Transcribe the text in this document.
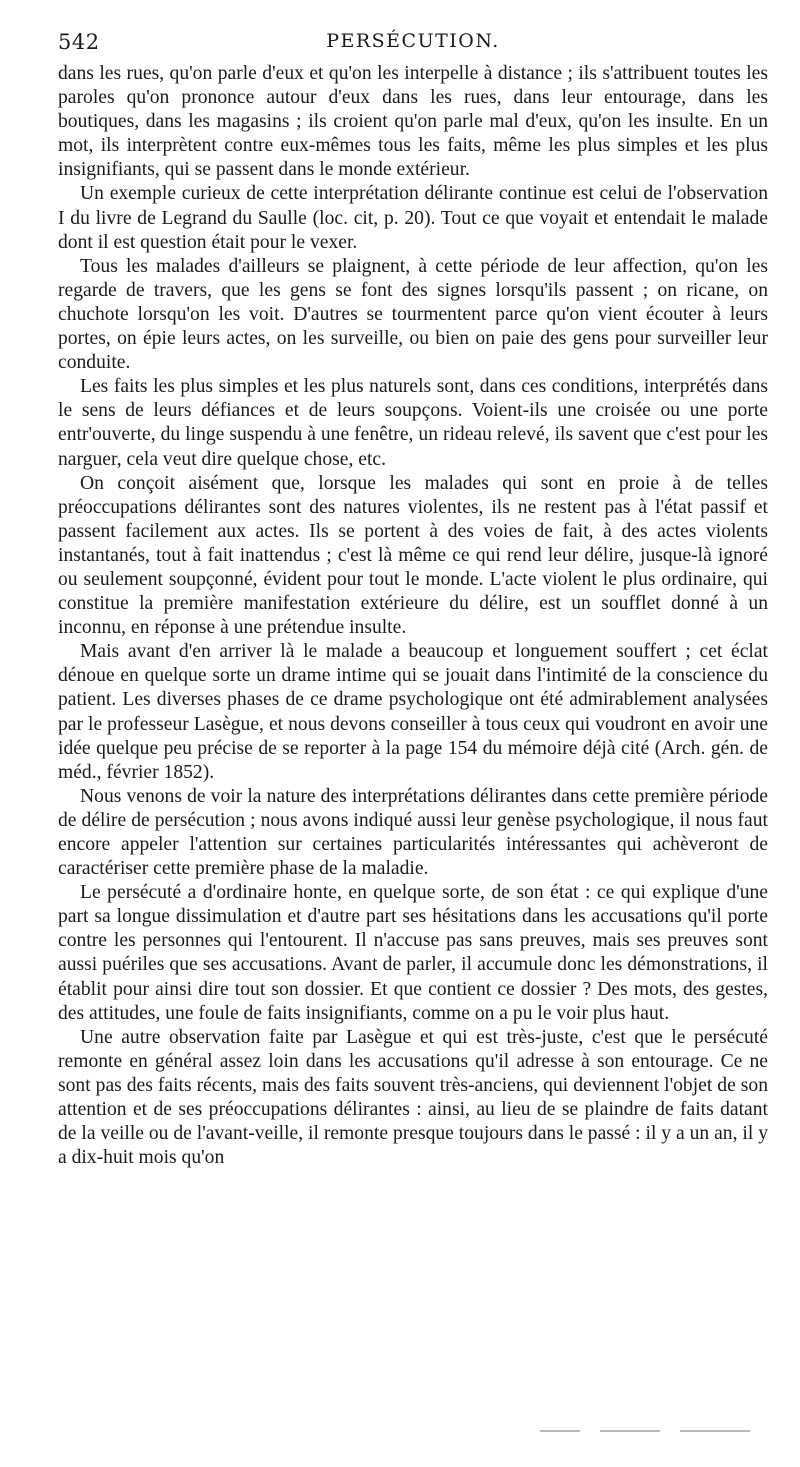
542	PERSÉCUTION.

dans les rues, qu'on parle d'eux et qu'on les interpelle à distance ; ils s'attribuent toutes les paroles qu'on prononce autour d'eux dans les rues, dans leur entourage, dans les boutiques, dans les magasins ; ils croient qu'on parle mal d'eux, qu'on les insulte. En un mot, ils interprètent contre eux-mêmes tous les faits, même les plus simples et les plus insignifiants, qui se passent dans le monde extérieur.

Un exemple curieux de cette interprétation délirante continue est celui de l'observation I du livre de Legrand du Saulle (loc. cit, p. 20). Tout ce que voyait et entendait le malade dont il est question était pour le vexer.

Tous les malades d'ailleurs se plaignent, à cette période de leur affection, qu'on les regarde de travers, que les gens se font des signes lorsqu'ils passent ; on ricane, on chuchote lorsqu'on les voit. D'autres se tourmentent parce qu'on vient écouter à leurs portes, on épie leurs actes, on les surveille, ou bien on paie des gens pour surveiller leur conduite.

Les faits les plus simples et les plus naturels sont, dans ces conditions, interprétés dans le sens de leurs défiances et de leurs soupçons. Voient-ils une croisée ou une porte entr'ouverte, du linge suspendu à une fenêtre, un rideau relevé, ils savent que c'est pour les narguer, cela veut dire quelque chose, etc.

On conçoit aisément que, lorsque les malades qui sont en proie à de telles préoccupations délirantes sont des natures violentes, ils ne restent pas à l'état passif et passent facilement aux actes. Ils se portent à des voies de fait, à des actes violents instantanés, tout à fait inattendus ; c'est là même ce qui rend leur délire, jusque-là ignoré ou seulement soupçonné, évident pour tout le monde. L'acte violent le plus ordinaire, qui constitue la première manifestation extérieure du délire, est un soufflet donné à un inconnu, en réponse à une prétendue insulte.

Mais avant d'en arriver là le malade a beaucoup et longuement souffert ; cet éclat dénoue en quelque sorte un drame intime qui se jouait dans l'intimité de la conscience du patient. Les diverses phases de ce drame psychologique ont été admirablement analysées par le professeur Lasègue, et nous devons conseiller à tous ceux qui voudront en avoir une idée quelque peu précise de se reporter à la page 154 du mémoire déjà cité (Arch. gén. de méd., février 1852).

Nous venons de voir la nature des interprétations délirantes dans cette première période de délire de persécution ; nous avons indiqué aussi leur genèse psychologique, il nous faut encore appeler l'attention sur certaines particularités intéressantes qui achèveront de caractériser cette première phase de la maladie.

Le persécuté a d'ordinaire honte, en quelque sorte, de son état : ce qui explique d'une part sa longue dissimulation et d'autre part ses hésitations dans les accusations qu'il porte contre les personnes qui l'entourent. Il n'accuse pas sans preuves, mais ses preuves sont aussi puériles que ses accusations. Avant de parler, il accumule donc les démonstrations, il établit pour ainsi dire tout son dossier. Et que contient ce dossier ? Des mots, des gestes, des attitudes, une foule de faits insignifiants, comme on a pu le voir plus haut.

Une autre observation faite par Lasègue et qui est très-juste, c'est que le persécuté remonte en général assez loin dans les accusations qu'il adresse à son entourage. Ce ne sont pas des faits récents, mais des faits souvent très-anciens, qui deviennent l'objet de son attention et de ses préoccupations délirantes : ainsi, au lieu de se plaindre de faits datant de la veille ou de l'avant-veille, il remonte presque toujours dans le passé : il y a un an, il y a dix-huit mois qu'on
